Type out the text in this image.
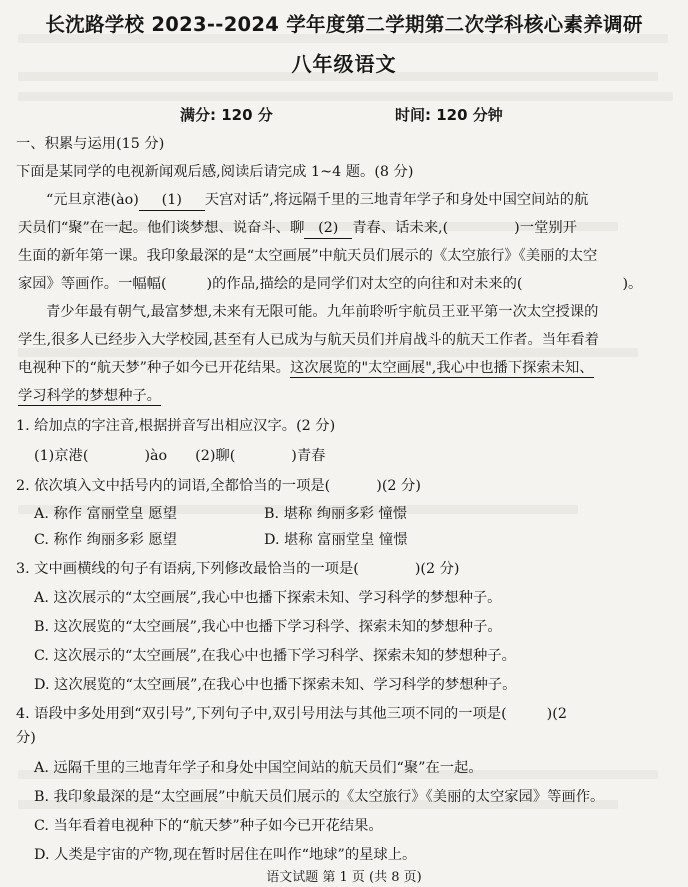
长沈路学校 2023--2024 学年度第二学期第二次学科核心素养调研
八年级语文
满分: 120 分	时间: 120 分钟
一、积累与运用(15 分)
下面是某同学的电视新闻观后感,阅读后请完成 1~4 题。(8 分)
“元旦京港(ào) (1) 天宫对话”,将远隔千里的三地青年学子和身处中国空间站的航
天员们“聚”在一起。他们谈梦想、说奋斗、聊 (2) 青春、话未来,(	)一堂别开
生面的新年第一课。我印象最深的是“太空画展”中航天员们展示的《太空旅行》《美丽的太空
家园》等画作。一幅幅(	)的作品,描绘的是同学们对太空的向往和对未来的(	)。
青少年最有朝气,最富梦想,未来有无限可能。九年前聆听宇航员王亚平第一次太空授课的
学生,很多人已经步入大学校园,甚至有人已成为与航天员们并肩战斗的航天工作者。当年看着
电视种下的“航天梦”种子如今已开花结果。这次展览的"太空画展",我心中也播下探索未知、
学习科学的梦想种子。
1. 给加点的字注音,根据拼音写出相应汉字。(2 分)
(1)京港(	)ào (2)聊(	)青春
2. 依次填入文中括号内的词语,全都恰当的一项是(	)(2 分)
A. 称作 富丽堂皇 愿望	B. 堪称 绚丽多彩 憧憬
C. 称作 绚丽多彩 愿望	D. 堪称 富丽堂皇 憧憬
3. 文中画横线的句子有语病,下列修改最恰当的一项是(	)(2 分)
A. 这次展示的“太空画展”,我心中也播下探索未知、学习科学的梦想种子。
B. 这次展览的“太空画展”,我心中也播下学习科学、探索未知的梦想种子。
C. 这次展示的“太空画展”,在我心中也播下学习科学、探索未知的梦想种子。
D. 这次展览的“太空画展”,在我心中也播下探索未知、学习科学的梦想种子。
4. 语段中多处用到“双引号”,下列句子中,双引号用法与其他三项不同的一项是(	)(2
分)
A. 远隔千里的三地青年学子和身处中国空间站的航天员们“聚”在一起。
B. 我印象最深的是“太空画展”中航天员们展示的《太空旅行》《美丽的太空家园》等画作。
C. 当年看着电视种下的“航天梦”种子如今已开花结果。
D. 人类是宇宙的产物,现在暂时居住在叫作“地球”的星球上。
语文试题 第 1 页 (共 8 页)
